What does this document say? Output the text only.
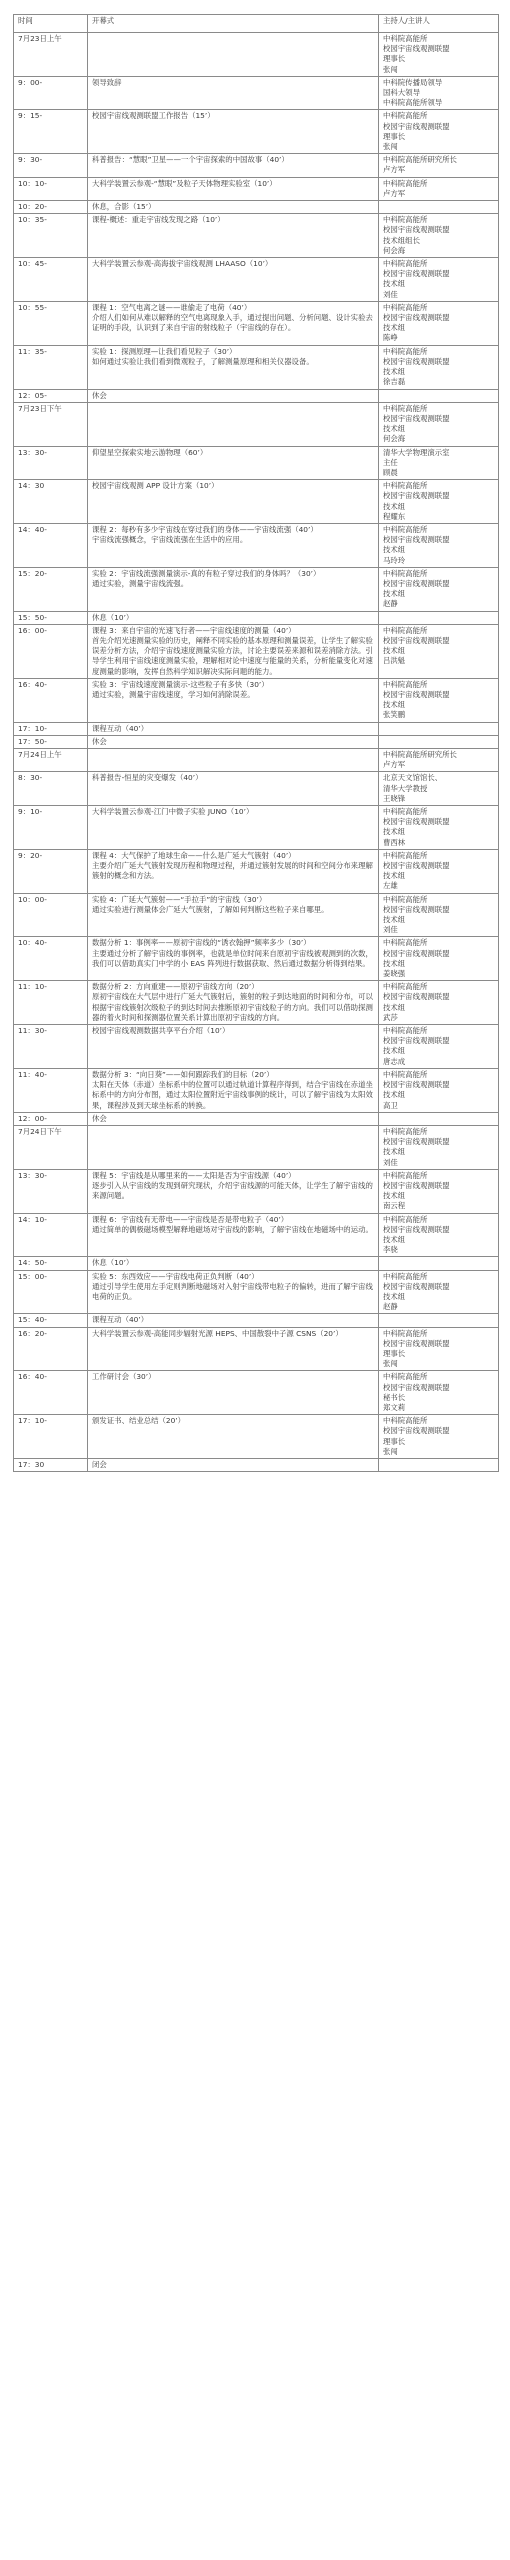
时间	开幕式	主持人/主讲人
7月23日上午		中科院高能所
校园宇宙线观测联盟
理事长
张闯

9：00-	领导致辞	中科院传播局领导
国科大领导
中科院高能所领导

9：15-	校园宇宙线观测联盟工作报告（15’）	中科院高能所
校园宇宙线观测联盟
理事长
张闯

9：30-	科普报告：“慧眼”卫星——一个宇宙探索的中国故事（40’）	中科院高能所研究所长
卢方军

10：10-	大科学装置云参观-“慧眼”及粒子天体物理实验室（10’）	中科院高能所
卢方军

10：20-	休息，合影（15’）	

10：35-	课程-概述：重走宇宙线发现之路（10’）	中科院高能所
校园宇宙线观测联盟
技术组组长
何会海

10：45-	大科学装置云参观-高海拔宇宙线观测 LHAASO（10’）	中科院高能所
校园宇宙线观测联盟
技术组
刘佳

10：55-	课程 1：空气电离之谜——谁偷走了电荷（40’）
介绍人们如何从难以解释的空气电离现象入手，通过提出问题、分析问题、设计实验去证明的手段，认识到了来自宇宙的射线粒子（宇宙线的存在）。	中科院高能所
校园宇宙线观测联盟
技术组
陈峥

11：35-	实验 1：探测原理—让我们看见粒子（30’）
如何通过实验让我们看到微观粒子，了解测量原理和相关仪器设备。	中科院高能所
校园宇宙线观测联盟
技术组
徐吉磊

12：05-	休会	

7月23日下午		中科院高能所
校园宇宙线观测联盟
技术组
何会海

13：30-	仰望星空探索实地云游物理（60’）	清华大学物理演示室
主任
顾晨

14：30	校园宇宙线观测 APP 设计方案（10’）	中科院高能所
校园宇宙线观测联盟
技术组
程耀东

14：40-	课程 2：每秒有多少宇宙线在穿过我们的身体——宇宙线流强（40’）
宇宙线流强概念，宇宙线流强在生活中的应用。	中科院高能所
校园宇宙线观测联盟
技术组
马玲玲

15：20-	实验 2：宇宙线流强测量演示-真的有粒子穿过我们的身体吗？（30’）
通过实验，测量宇宙线流强。	中科院高能所
校园宇宙线观测联盟
技术组
赵静

15：50-	休息（10’）	

16：00-	课程 3：来自宇宙的光速飞行者——宇宙线速度的测量（40’）
首先介绍光速测量实验的历史，阐释不同实验的基本原理和测量误差，让学生了解实验误差分析方法，介绍宇宙线速度测量实验方法，讨论主要误差来源和误差消除方法。引导学生利用宇宙线速度测量实验，理解相对论中速度与能量的关系，分析能量变化对速度测量的影响，发挥自然科学知识解决实际问题的能力。	中科院高能所
校园宇宙线观测联盟
技术组
吕洪魁

16：40-	实验 3：宇宙线速度测量演示-这些粒子有多快（30’）
通过实验，测量宇宙线速度，学习如何消除误差。	中科院高能所
校园宇宙线观测联盟
技术组
张笑鹏

17：10-	课程互动（40’）	

17：50-	休会	

7月24日上午		中科院高能所研究所长
卢方军

8：30-	科普报告-恒星的灾变爆发（40’）	北京天文馆馆长、
清华大学教授
王晓锋

9：10-	大科学装置云参观-江门中微子实验 JUNO（10’）	中科院高能所
校园宇宙线观测联盟
技术组
曹西林

9：20-	课程 4：大气保护了地球生命——什么是广延大气簇射（40’）
主要介绍广延大气簇射发现历程和物理过程，并通过簇射发展的时间和空间分布来理解簇射的概念和方法。	中科院高能所
校园宇宙线观测联盟
技术组
左雄

10：00-	实验 4：广延大气簇射——“手拉手”的宇宙线（30’）
通过实验进行测量体会广延大气簇射，了解如何判断这些粒子来自哪里。	中科院高能所
校园宇宙线观测联盟
技术组
刘佳

10：40-	数据分析 1：事例率——原初宇宙线的“诱衣翰押”频率多少（30’）
主要通过分析了解宇宙线的事例率，也就是单位时间来自原初宇宙线被观测到的次数，我们可以借助真实门中学的小 EAS 阵列进行数据获取、然后通过数据分析得到结果。	中科院高能所
校园宇宙线观测联盟
技术组
姜晓强

11：10-	数据分析 2：方向重建——原初宇宙线方向（20’）
原初宇宙线在大气层中进行广延大气簇射后，簇射的粒子到达地面的时间和分布，可以根据宇宙线簇射次级粒子的到达时间去推断原初宇宙线粒子的方向。我们可以借助探测器的着火时间和探测器位置关系计算出原初宇宙线的方向。	中科院高能所
校园宇宙线观测联盟
技术组
武莎

11：30-	校园宇宙线观测数据共享平台介绍（10’）	中科院高能所
校园宇宙线观测联盟
技术组
唐志成

11：40-	数据分析 3：“向日葵”——如何跟踪我们的目标（20’）
太阳在天体（赤道）坐标系中的位置可以通过轨道计算程序得到，结合宇宙线在赤道坐标系中的方向分布图，通过太阳位置附近宇宙线事例的统计，可以了解宇宙线为太阳效果，课程涉及到天球坐标系的转换。	中科院高能所
校园宇宙线观测联盟
技术组
高卫

12：00-	休会	

7月24日下午		中科院高能所
校园宇宙线观测联盟
技术组
刘佳

13：30-	课程 5：宇宙线是从哪里来的——太阳是否为宇宙线源（40’）
逐步引入从宇宙线的发现到研究现状，介绍宇宙线源的可能天体，让学生了解宇宙线的来源问题。	中科院高能所
校园宇宙线观测联盟
技术组
南云程

14：10-	课程 6：宇宙线有无带电——宇宙线是否是带电粒子（40’）
通过简单的偶极磁场模型解释地磁场对宇宙线的影响，了解宇宙线在地磁场中的运动。	中科院高能所
校园宇宙线观测联盟
技术组
李骁

14：50-	休息（10’）	

15：00-	实验 5：东西效应——宇宙线电荷正负判断（40’）
通过引导学生使用左手定则判断地磁场对入射宇宙线带电粒子的偏转，进而了解宇宙线电荷的正负。	中科院高能所
校园宇宙线观测联盟
技术组
赵静

15：40-	课程互动（40’）	

16：20-	大科学装置云参观-高能同步辐射光源 HEPS、中国散裂中子源 CSNS（20’）	中科院高能所
校园宇宙线观测联盟
理事长
张闯

16：40-	工作研讨会（30’）	中科院高能所
校园宇宙线观测联盟
秘书长
郑文莉

17：10-	颁发证书、结业总结（20’）	中科院高能所
校园宇宙线观测联盟
理事长
张闯

17：30	闭会	
